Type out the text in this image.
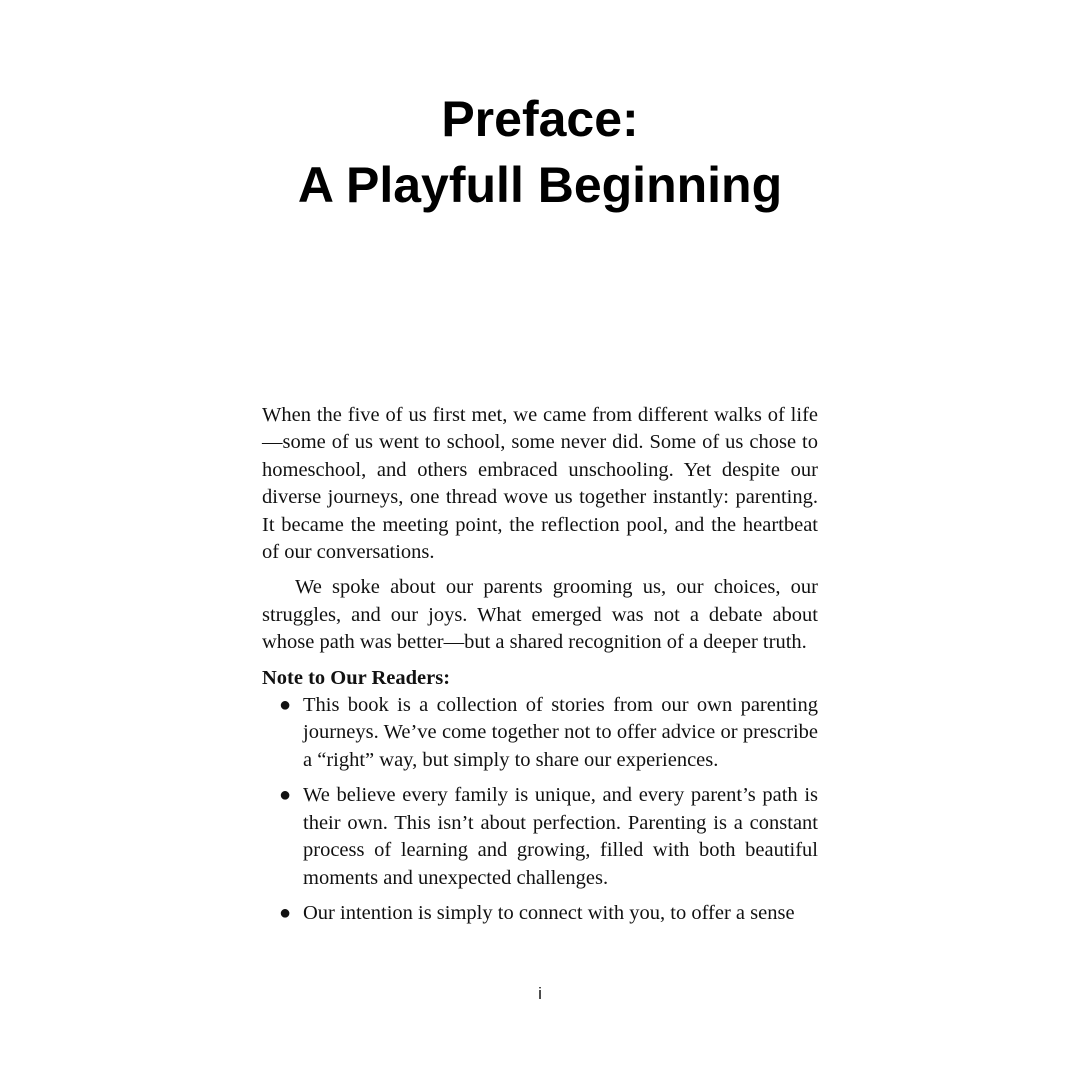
Preface:
A Playfull Beginning

When the five of us first met, we came from different walks of life—some of us went to school, some never did. Some of us chose to homeschool, and others embraced unschooling. Yet despite our diverse journeys, one thread wove us together instantly: parenting. It became the meeting point, the reflection pool, and the heartbeat of our conversations.

We spoke about our parents grooming us, our choices, our struggles, and our joys. What emerged was not a debate about whose path was better—but a shared recognition of a deeper truth.

Note to Our Readers:

● This book is a collection of stories from our own parenting journeys. We’ve come together not to offer advice or prescribe a “right” way, but simply to share our experiences.
● We believe every family is unique, and every parent’s path is their own. This isn’t about perfection. Parenting is a constant process of learning and growing, filled with both beautiful moments and unexpected challenges.
● Our intention is simply to connect with you, to offer a sense
i
